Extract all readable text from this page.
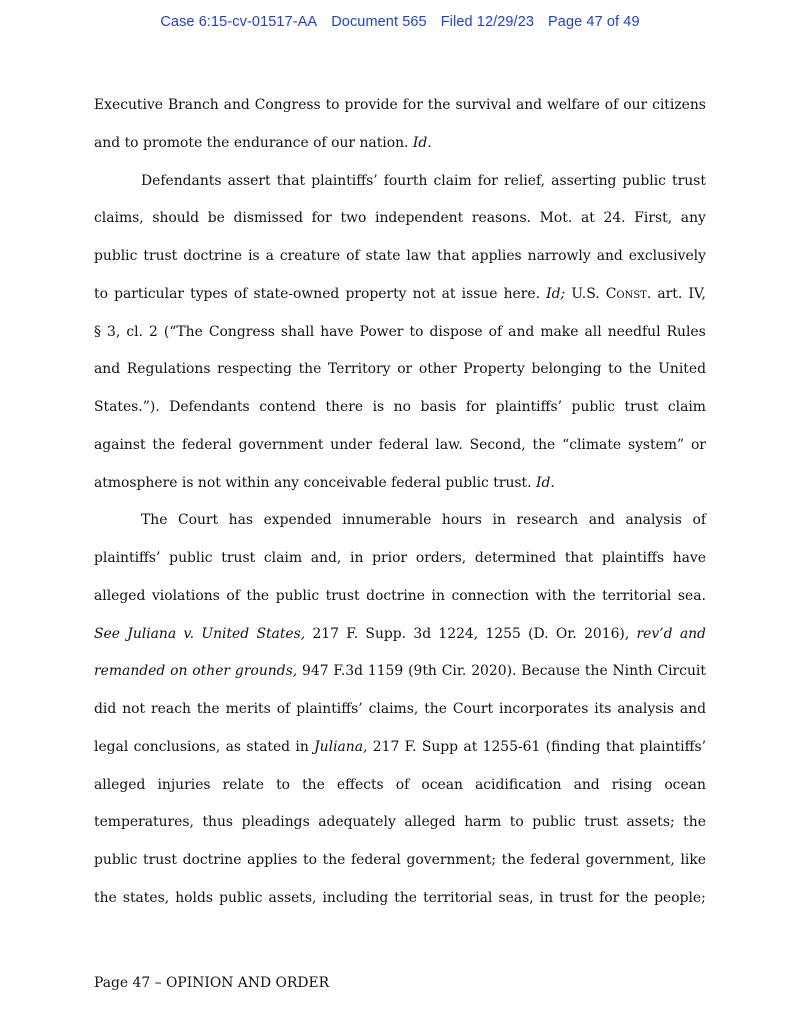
Case 6:15-cv-01517-AA Document 565 Filed 12/29/23 Page 47 of 49
Executive Branch and Congress to provide for the survival and welfare of our citizens
and to promote the endurance of our nation. Id.
Defendants assert that plaintiffs’ fourth claim for relief, asserting public trust
claims, should be dismissed for two independent reasons. Mot. at 24. First, any
public trust doctrine is a creature of state law that applies narrowly and exclusively
to particular types of state-owned property not at issue here. Id; U.S. Const. art. IV,
§ 3, cl. 2 (“The Congress shall have Power to dispose of and make all needful Rules
and Regulations respecting the Territory or other Property belonging to the United
States.”). Defendants contend there is no basis for plaintiffs’ public trust claim
against the federal government under federal law. Second, the “climate system” or
atmosphere is not within any conceivable federal public trust. Id.
The Court has expended innumerable hours in research and analysis of
plaintiffs’ public trust claim and, in prior orders, determined that plaintiffs have
alleged violations of the public trust doctrine in connection with the territorial sea.
See Juliana v. United States, 217 F. Supp. 3d 1224, 1255 (D. Or. 2016), rev’d and
remanded on other grounds, 947 F.3d 1159 (9th Cir. 2020). Because the Ninth Circuit
did not reach the merits of plaintiffs’ claims, the Court incorporates its analysis and
legal conclusions, as stated in Juliana, 217 F. Supp at 1255-61 (finding that plaintiffs’
alleged injuries relate to the effects of ocean acidification and rising ocean
temperatures, thus pleadings adequately alleged harm to public trust assets; the
public trust doctrine applies to the federal government; the federal government, like
the states, holds public assets, including the territorial seas, in trust for the people;
Page 47 – OPINION AND ORDER
